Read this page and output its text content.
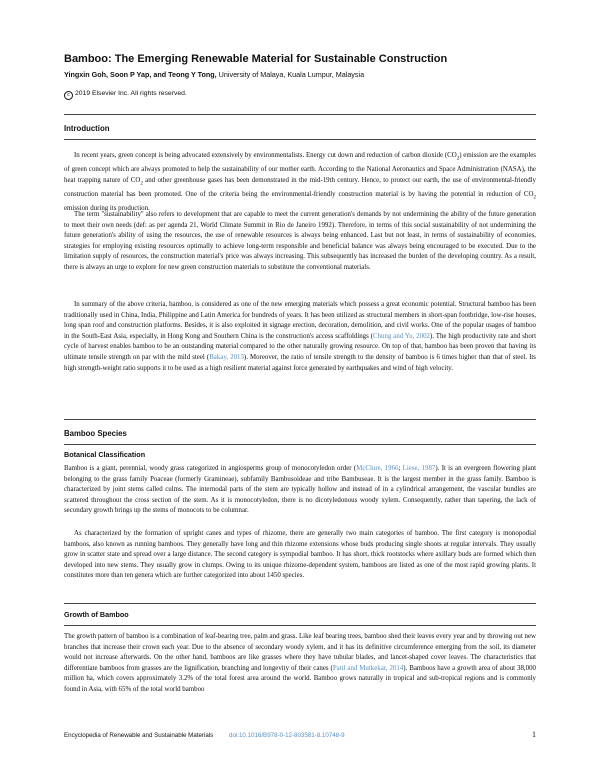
Bamboo: The Emerging Renewable Material for Sustainable Construction
Yingxin Goh, Soon P Yap, and Teong Y Tong, University of Malaya, Kuala Lumpur, Malaysia
c 2019 Elsevier Inc. All rights reserved.
Introduction

In recent years, green concept is being advocated extensively by environmentalists. Energy cut down and reduction of carbon dioxide $(CO_2)$ emission are the examples of green concept which are always promoted to help the sustainability of our mother earth. According to the National Aeronautics and Space Administration (NASA), the heat trapping nature of $CO_2$ and other greenhouse gases has been demonstrated in the mid-19th century. Hence, to protect our earth, the use of environmental-friendly construction material has been promoted. One of the criteria being the environmental-friendly construction material is by having the potential in reduction of $CO_2$ emission during its production.

The term "sustainability" also refers to development that are capable to meet the current generation's demands by not undermining the ability of the future generation to meet their own needs (def: as per agenda 21, World Climate Summit in Rio de Janeiro 1992). Therefore, in terms of this social sustainability of not undermining the future generation's ability of using the resources, the use of renewable resources is always being enhanced. Last but not least, in terms of sustainability of economies, strategies for employing existing resources optimally to achieve long-term responsible and beneficial balance was always being encouraged to be executed. Due to the limitation supply of resources, the construction material's price was always increasing. This subsequently has increased the burden of the developing country. As a result, there is always an urge to explore for new green construction materials to substitute the conventional materials.

In summary of the above criteria, bamboo, is considered as one of the new emerging materials which possess a great economic potential. Structural bamboo has been traditionally used in China, India, Philippine and Latin America for hundreds of years. It has been utilized as structural members in short-span footbridge, low-rise houses, long span roof and construction platforms. Besides, it is also exploited in signage erection, decoration, demolition, and civil works. One of the popular usages of bamboo in the South-East Asia, especially, in Hong Kong and Southern China is the construction's access scaffoldings (Chung and Yu, 2002). The high productivity rate and short cycle of harvest enables bamboo to be an outstanding material compared to the other naturally growing resource. On top of that, bamboo has been proven that having its ultimate tensile strength on par with the mild steel (Bakay, 2013). Moreover, the ratio of tensile strength to the density of bamboo is 6 times higher than that of steel. Its high strength-weight ratio supports it to be used as a high resilient material against force generated by earthquakes and wind of high velocity.

Bamboo Species
Botanical Classification

Bamboo is a giant, perennial, woody grass categorized in angiosperms group of monocotyledon order (McClure, 1966; Liese, 1987). It is an evergreen flowering plant belonging to the grass family Poaceae (formerly Gramineae), subfamily Bambusoideae and tribe Bambuseae. It is the largest member in the grass family. Bamboo is characterized by joint stems called culms. The internodal parts of the stem are typically hollow and instead of in a cylindrical arrangement, the vascular bundles are scattered throughout the cross section of the stem. As it is monocotyledon, there is no dicotyledonous woody xylem. Consequently, rather than tapering, the lack of secondary growth brings up the stems of monocots to be columnar.

As characterized by the formation of upright canes and types of rhizome, there are generally two main categories of bamboo. The first category is monopodial bamboos, also known as running bamboos. They generally have long and thin rhizome extensions whose buds producing single shoots at regular intervals. They usually grow in scatter state and spread over a large distance. The second category is sympodial bamboo. It has short, thick rootstocks where axillary buds are formed which then developed into new stems. They usually grow in clumps. Owing to its unique rhizome-dependent system, bamboos are listed as one of the most rapid growing plants. It constitutes more than ten genera which are further categorized into about 1450 species.

Growth of Bamboo

The growth pattern of bamboo is a combination of leaf-bearing tree, palm and grass. Like leaf bearing trees, bamboo shed their leaves every year and by throwing out new branches that increase their crown each year. Due to the absence of secondary woody xylem, and it has its definitive circumference emerging from the soil, its diameter would not increase afterwards. On the other hand, bamboos are like grasses where they have tubular blades, and lancet-shaped cover leaves. The characteristics that differentiate bamboos from grasses are the lignification, branching and longevity of their canes (Patil and Mutkekar, 2014). Bamboos have a growth area of about 38,000 million ha, which covers approximately 3.2% of the total forest area around the world. Bamboo grows naturally in tropical and sub-tropical regions and is commonly found in Asia, with 65% of the total world bamboo

Encyclopedia of Renewable and Sustainable Materials	doi:10.1016/B978-0-12-803581-8.10748-9	1
